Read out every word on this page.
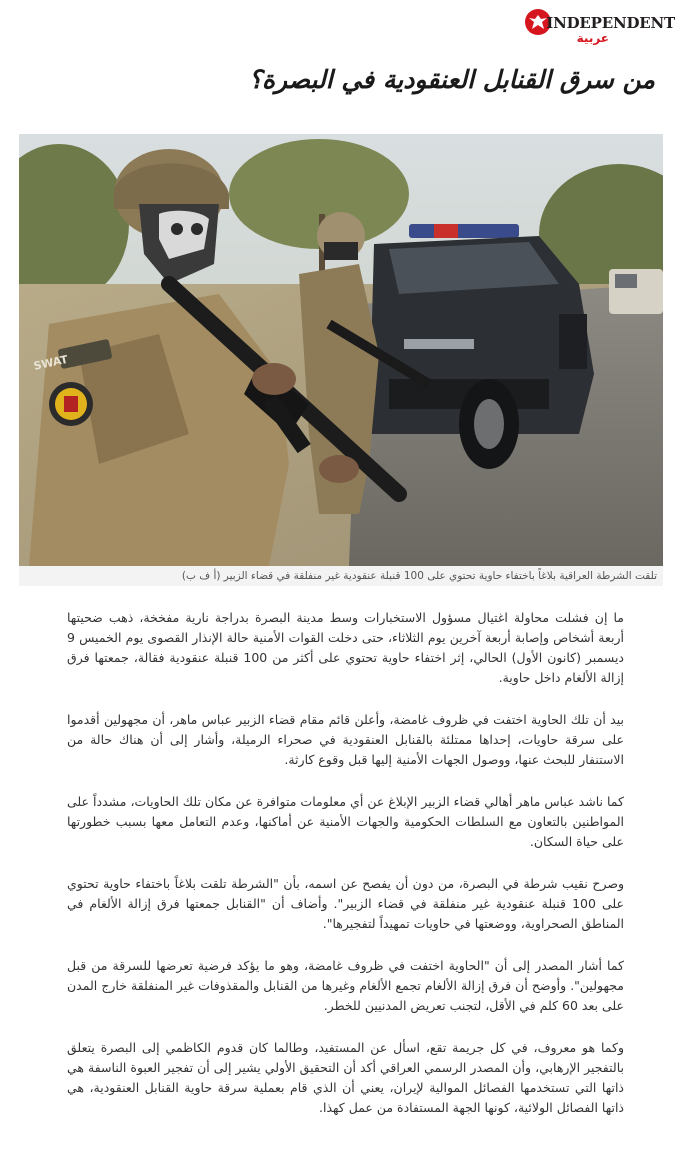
INDEPENDENT
عربية
من سرق القنابل العنقودية في البصرة؟
SWAT
تلقت الشرطة العراقية بلاغاً باختفاء حاوية تحتوي على 100 قنبلة عنقودية غير منفلقة في قضاء الزبير (أ ف ب)

ما إن فشلت محاولة اغتيال مسؤول الاستخبارات وسط مدينة البصرة بدراجة نارية مفخخة، ذهب ضحيتها أربعة أشخاص وإصابة أربعة آخرين يوم الثلاثاء، حتى دخلت القوات الأمنية حالة الإنذار القصوى يوم الخميس 9 ديسمبر (كانون الأول) الحالي، إثر اختفاء حاوية تحتوي على أكثر من 100 قنبلة عنقودية فقالة، جمعتها فرق إزالة الألغام داخل حاوية.

بيد أن تلك الحاوية اختفت في ظروف غامضة، وأعلن قائم مقام قضاء الزبير عباس ماهر، أن مجهولين أقدموا على سرقة حاويات، إحداها ممتلئة بالقنابل العنقودية في صحراء الرميلة، وأشار إلى أن هناك حالة من الاستنفار للبحث عنها، ووصول الجهات الأمنية إليها قبل وقوع كارثة.

كما ناشد عباس ماهر أهالي قضاء الزبير الإبلاغ عن أي معلومات متوافرة عن مكان تلك الحاويات، مشدداً على المواطنين بالتعاون مع السلطات الحكومية والجهات الأمنية عن أماكنها، وعدم التعامل معها بسبب خطورتها على حياة السكان.

وصرح نقيب شرطة في البصرة، من دون أن يفصح عن اسمه، بأن "الشرطة تلقت بلاغاً باختفاء حاوية تحتوي على 100 قنبلة عنقودية غير منفلقة في قضاء الزبير". وأضاف أن "القنابل جمعتها فرق إزالة الألغام في المناطق الصحراوية، ووضعتها في حاويات تمهيداً لتفجيرها".

كما أشار المصدر إلى أن "الحاوية اختفت في ظروف غامضة، وهو ما يؤكد فرضية تعرضها للسرقة من قبل مجهولين". وأوضح أن فرق إزالة الألغام تجمع الألغام وغيرها من القنابل والمقذوفات غير المنفلقة خارج المدن على بعد 60 كلم في الأقل، لتجنب تعريض المدنيين للخطر.

وكما هو معروف، في كل جريمة تقع، اسأل عن المستفيد، وطالما كان قدوم الكاظمي إلى البصرة يتعلق بالتفجير الإرهابي، وأن المصدر الرسمي العراقي أكد أن التحقيق الأولي يشير إلى أن تفجير العبوة الناسفة هي ذاتها التي تستخدمها الفصائل الموالية لإيران، يعني أن الذي قام بعملية سرقة حاوية القنابل العنقودية، هي ذاتها الفصائل الولائية، كونها الجهة المستفادة من عمل كهذا.
